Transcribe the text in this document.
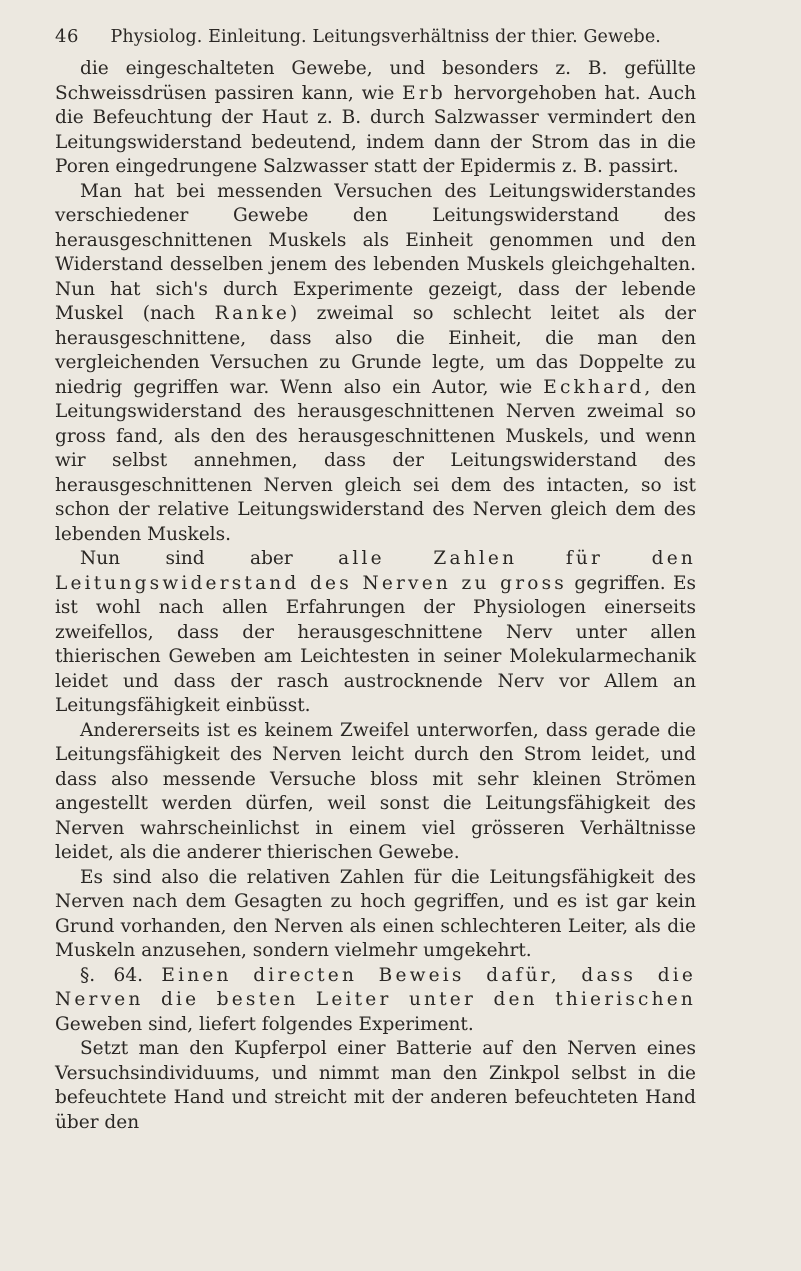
46 Physiolog. Einleitung. Leitungsverhältniss der thier. Gewebe.

die eingeschalteten Gewebe, und besonders z. B. gefüllte Schweissdrüsen passiren kann, wie Erb hervorgehoben hat. Auch die Befeuchtung der Haut z. B. durch Salzwasser vermindert den Leitungswiderstand bedeutend, indem dann der Strom das in die Poren eingedrungene Salzwasser statt der Epidermis z. B. passirt.

Man hat bei messenden Versuchen des Leitungswiderstandes verschiedener Gewebe den Leitungswiderstand des herausgeschnittenen Muskels als Einheit genommen und den Widerstand desselben jenem des lebenden Muskels gleichgehalten. Nun hat sich's durch Experimente gezeigt, dass der lebende Muskel (nach Ranke) zweimal so schlecht leitet als der herausgeschnittene, dass also die Einheit, die man den vergleichenden Versuchen zu Grunde legte, um das Doppelte zu niedrig gegriffen war. Wenn also ein Autor, wie Eckhard, den Leitungswiderstand des herausgeschnittenen Nerven zweimal so gross fand, als den des herausgeschnittenen Muskels, und wenn wir selbst annehmen, dass der Leitungswiderstand des herausgeschnittenen Nerven gleich sei dem des intacten, so ist schon der relative Leitungswiderstand des Nerven gleich dem des lebenden Muskels.

Nun sind aber alle Zahlen für den Leitungswiderstand des Nerven zu gross gegriffen. Es ist wohl nach allen Erfahrungen der Physiologen einerseits zweifellos, dass der herausgeschnittene Nerv unter allen thierischen Geweben am Leichtesten in seiner Molekularmechanik leidet und dass der rasch austrocknende Nerv vor Allem an Leitungsfähigkeit einbüsst.

Andererseits ist es keinem Zweifel unterworfen, dass gerade die Leitungsfähigkeit des Nerven leicht durch den Strom leidet, und dass also messende Versuche bloss mit sehr kleinen Strömen angestellt werden dürfen, weil sonst die Leitungsfähigkeit des Nerven wahrscheinlichst in einem viel grösseren Verhältnisse leidet, als die anderer thierischen Gewebe.

Es sind also die relativen Zahlen für die Leitungsfähigkeit des Nerven nach dem Gesagten zu hoch gegriffen, und es ist gar kein Grund vorhanden, den Nerven als einen schlechteren Leiter, als die Muskeln anzusehen, sondern vielmehr umgekehrt.

§. 64. Einen directen Beweis dafür, dass die Nerven die besten Leiter unter den thierischen Geweben sind, liefert folgendes Experiment.

Setzt man den Kupferpol einer Batterie auf den Nerven eines Versuchsindividuums, und nimmt man den Zinkpol selbst in die befeuchtete Hand und streicht mit der anderen befeuchteten Hand über den
